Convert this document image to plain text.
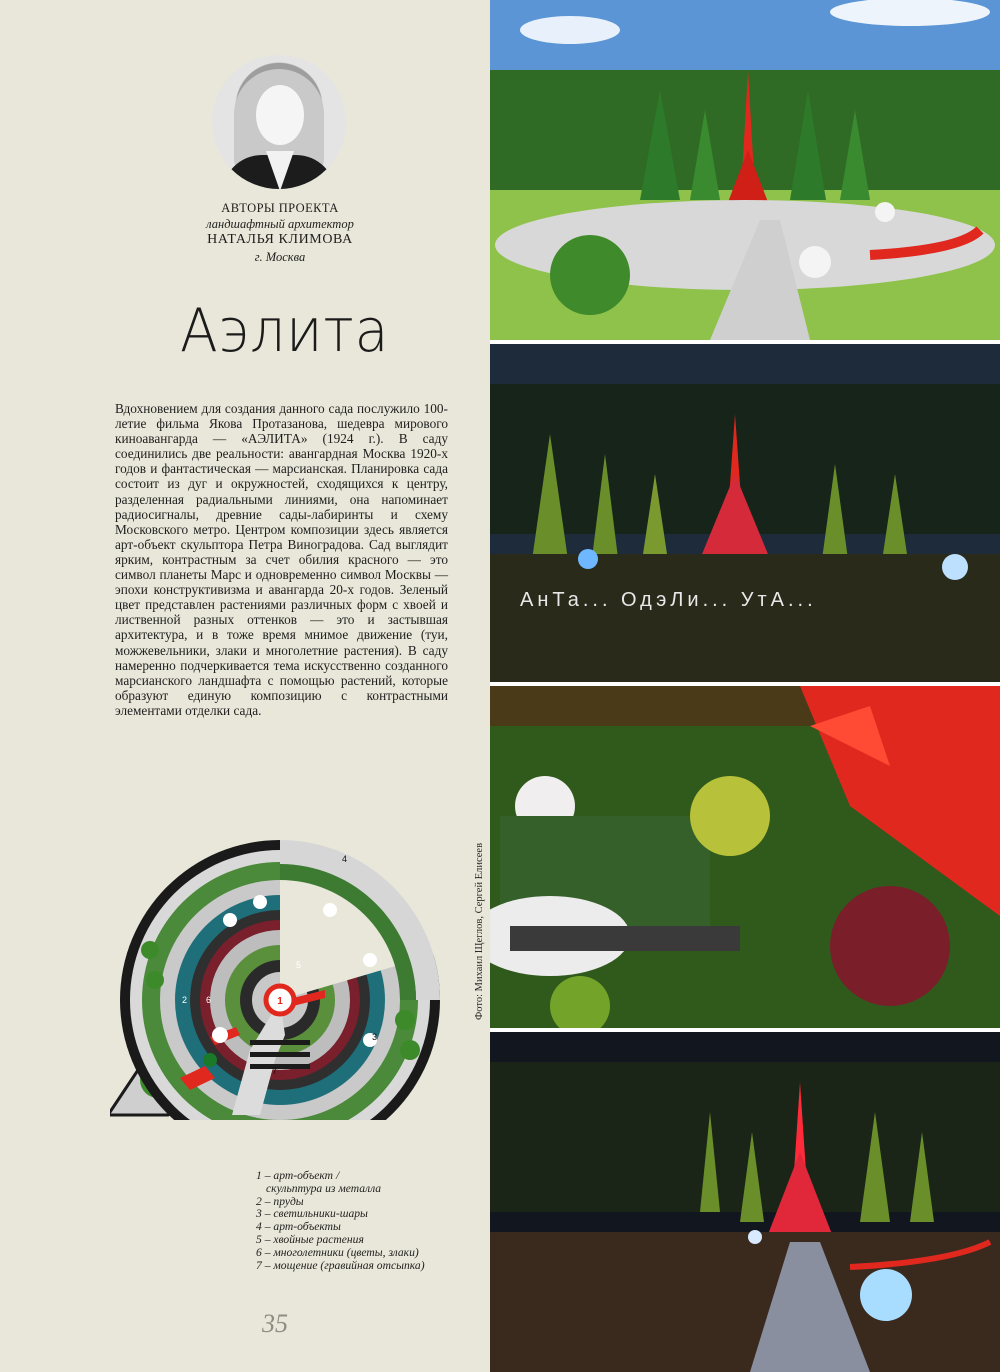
АВТОРЫ ПРОЕКТА
ландшафтный архитектор
НАТАЛЬЯ КЛИМОВА
г. Москва
Аэлита

Вдохновением для создания данного сада послужило 100-летие фильма Якова Протазанова, шедевра мирового киноавангарда — «АЭЛИТА» (1924 г.). В саду соединились две реальности: авангардная Москва 1920-х годов и фантастическая — марсианская. Планировка сада состоит из дуг и окружностей, сходящихся к центру, разделенная радиальными линиями, она напоминает радиосигналы, древние сады-лабиринты и схему Московского метро. Центром композиции здесь является арт-объект скульптора Петра Виноградова. Сад выглядит ярким, контрастным за счет обилия красного — это символ планеты Марс и одновременно символ Москвы — эпохи конструктивизма и авангарда 20-х годов. Зеленый цвет представлен растениями различных форм с хвоей и лиственной разных оттенков — это и застывшая архитектура, и в тоже время мнимое движение (туи, можжевельники, злаки и многолетние растения). В саду намеренно подчеркивается тема искусственно созданного марсианского ландшафта с помощью растений, которые образуют единую композицию с контрастными элементами отделки сада.

1
2
3
4
5
6
7
1 – арт-объект /
скульптура из металла
2 – пруды
3 – светильники-шары
4 – арт-объекты
5 – хвойные растения
6 – многолетники (цветы, злаки)
7 – мощение (гравийная отсыпка)
35
Фото: Михаил Щеглов, Сергей Елисеев
АнТа... ОдэЛи... УтА...
